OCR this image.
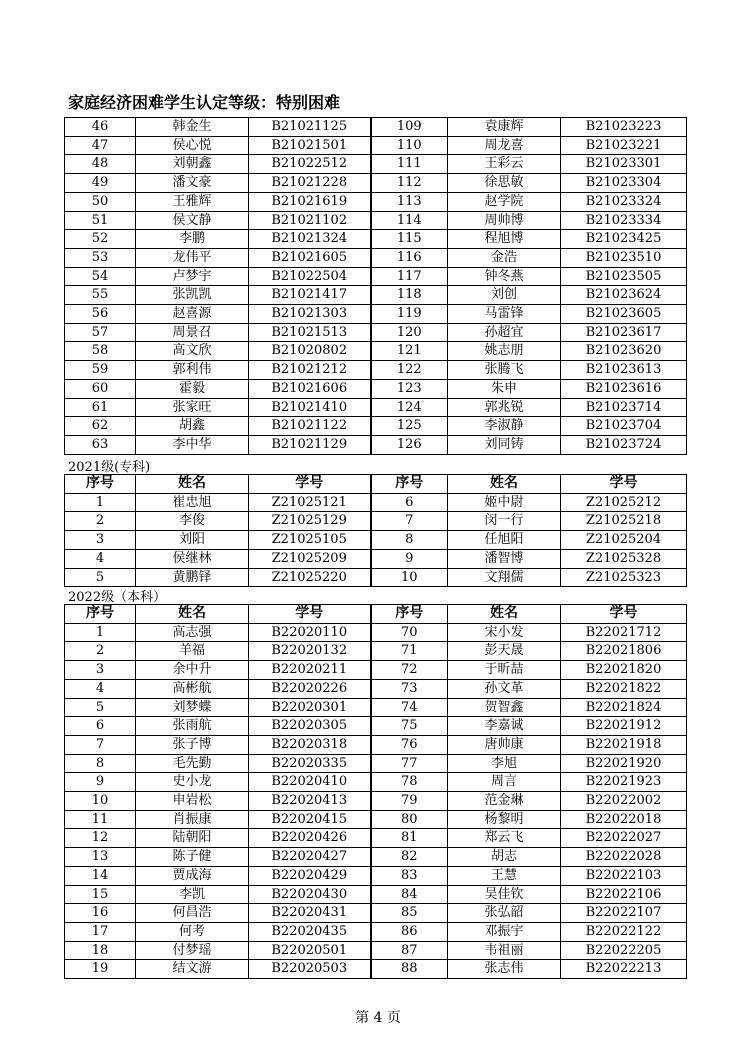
家庭经济困难学生认定等级：特别困难
46	韩金生	B21021125	109	袁康辉	B21023223
47	侯心悦	B21021501	110	周龙喜	B21023221
48	刘朝鑫	B21022512	111	王彩云	B21023301
49	潘文豪	B21021228	112	徐思敏	B21023304
50	王雅辉	B21021619	113	赵学院	B21023324
51	侯文静	B21021102	114	周帅博	B21023334
52	李鹏	B21021324	115	程旭博	B21023425
53	龙伟平	B21021605	116	金浩	B21023510
54	卢梦宇	B21022504	117	钟冬燕	B21023505
55	张凯凯	B21021417	118	刘创	B21023624
56	赵喜源	B21021303	119	马雷锋	B21023605
57	周景召	B21021513	120	孙超宜	B21023617
58	高文欣	B21020802	121	姚志朋	B21023620
59	郭利伟	B21021212	122	张腾飞	B21023613
60	霍毅	B21021606	123	朱申	B21023616
61	张家旺	B21021410	124	郭兆锐	B21023714
62	胡鑫	B21021122	125	李淑静	B21023704
63	李中华	B21021129	126	刘同铸	B21023724
2021级(专科)
序号	姓名	学号	序号	姓名	学号
1	崔忠旭	Z21025121	6	姬中尉	Z21025212
2	李俊	Z21025129	7	闵一行	Z21025218
3	刘阳	Z21025105	8	任旭阳	Z21025204
4	侯继林	Z21025209	9	潘智博	Z21025328
5	黄鹏铎	Z21025220	10	文翔儒	Z21025323
2022级（本科）
序号	姓名	学号	序号	姓名	学号
1	高志强	B22020110	70	宋小发	B22021712
2	羊福	B22020132	71	彭天晟	B22021806
3	余中升	B22020211	72	于昕喆	B22021820
4	高彬航	B22020226	73	孙文革	B22021822
5	刘梦蝶	B22020301	74	贺智鑫	B22021824
6	张雨航	B22020305	75	李嘉诚	B22021912
7	张子博	B22020318	76	唐帅康	B22021918
8	毛先勤	B22020335	77	李旭	B22021920
9	史小龙	B22020410	78	周言	B22021923
10	申岩松	B22020413	79	范金琳	B22022002
11	肖振康	B22020415	80	杨黎明	B22022018
12	陆朝阳	B22020426	81	郑云飞	B22022027
13	陈子健	B22020427	82	胡志	B22022028
14	贾成海	B22020429	83	王慧	B22022103
15	李凯	B22020430	84	吴佳钦	B22022106
16	何昌浩	B22020431	85	张弘韶	B22022107
17	何考	B22020435	86	邓振宇	B22022122
18	付梦瑶	B22020501	87	韦祖丽	B22022205
19	结文游	B22020503	88	张志伟	B22022213
第 4 页
